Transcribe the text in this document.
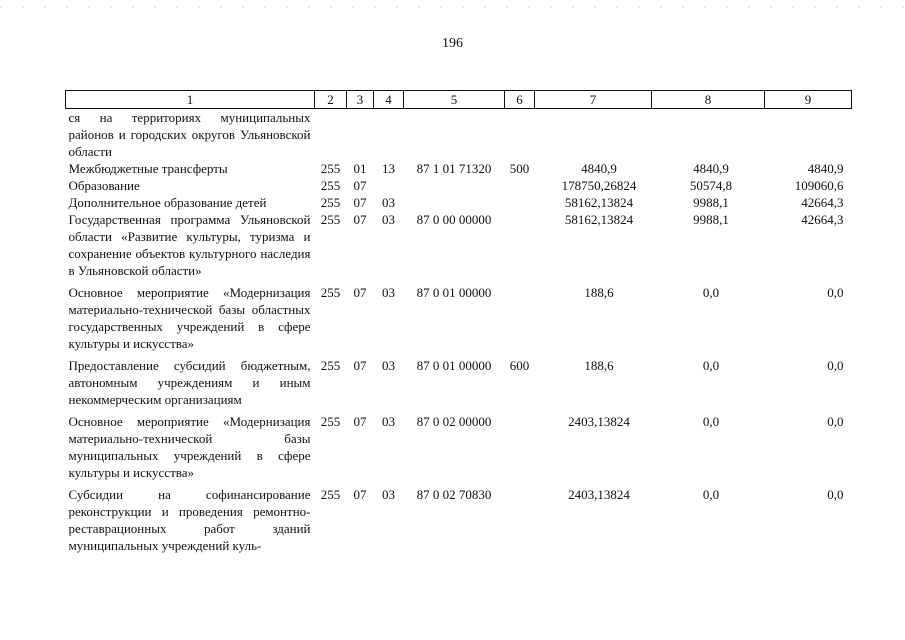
196
1	2	3	4	5	6	7	8	9
ся на территориях муниципальных районов и городских округов Ульяновской области								
Межбюджетные трансферты	255	01	13	87 1 01 71320	500	4840,9	4840,9	4840,9
Образование	255	07				178750,26824	50574,8	109060,6
Дополнительное образование детей	255	07	03			58162,13824	9988,1	42664,3
Государственная программа Ульяновской области «Развитие культуры, туризма и сохранение объектов культурного наследия в Ульяновской области»	255	07	03	87 0 00 00000		58162,13824	9988,1	42664,3
Основное мероприятие «Модернизация материально-технической базы областных государственных учреждений в сфере культуры и искусства»	255	07	03	87 0 01 00000		188,6	0,0	0,0
Предоставление субсидий бюджетным, автономным учреждениям и иным некоммерческим организациям	255	07	03	87 0 01 00000	600	188,6	0,0	0,0
Основное мероприятие «Модернизация материально-технической базы муниципальных учреждений в сфере культуры и искусства»	255	07	03	87 0 02 00000		2403,13824	0,0	0,0
Субсидии на софинансирование реконструкции и проведения ремонтно-реставрационных работ зданий муниципальных учреждений куль-	255	07	03	87 0 02 70830		2403,13824	0,0	0,0
